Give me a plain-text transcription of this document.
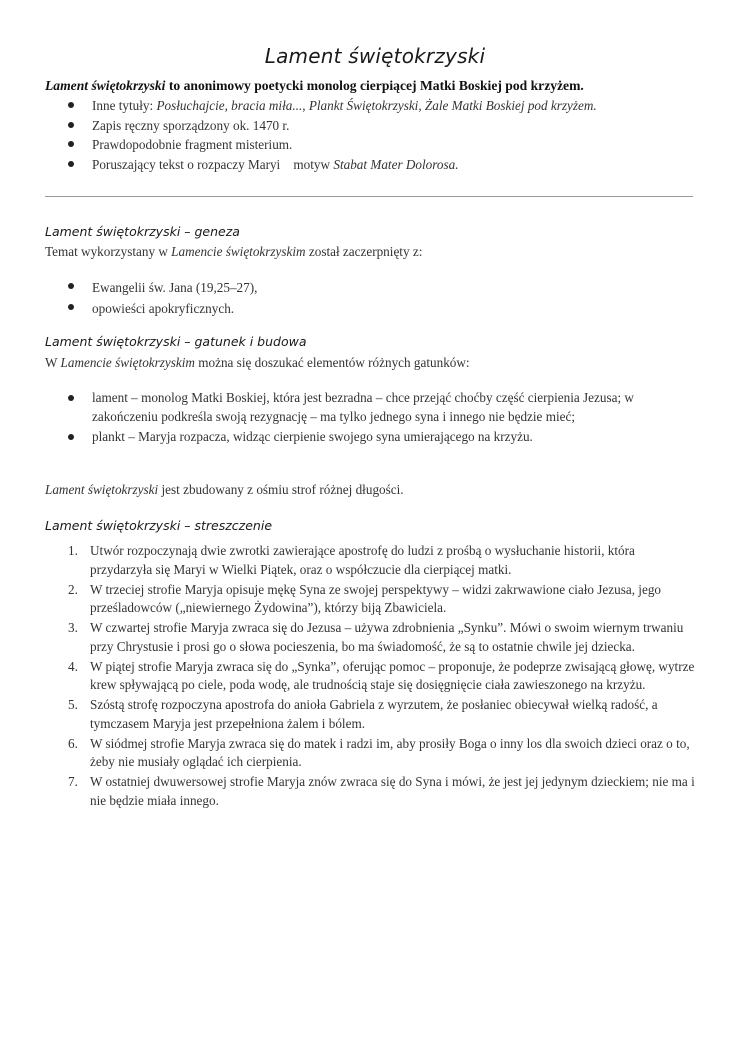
Lament świętokrzyski
Lament świętokrzyski to anonimowy poetycki monolog cierpiącej Matki Boskiej pod krzyżem.
Inne tytuły: Posłuchajcie, bracia miła..., Plankt Świętokrzyski, Żale Matki Boskiej pod krzyżem.
Zapis ręczny sporządzony ok. 1470 r.
Prawdopodobnie fragment misterium.
Poruszający tekst o rozpaczy Maryi    motyw Stabat Mater Dolorosa.
Lament świętokrzyski – geneza
Temat wykorzystany w Lamencie świętokrzyskim został zaczerpnięty z:
Ewangelii św. Jana (19,25–27),
opowieści apokryficznych.
Lament świętokrzyski – gatunek i budowa
W Lamencie świętokrzyskim można się doszukać elementów różnych gatunków:
lament – monolog Matki Boskiej, która jest bezradna – chce przejąć choćby część cierpienia Jezusa; w zakończeniu podkreśla swoją rezygnację – ma tylko jednego syna i innego nie będzie mieć;
plankt – Maryja rozpacza, widząc cierpienie swojego syna umierającego na krzyżu.
Lament świętokrzyski jest zbudowany z ośmiu strof różnej długości.
Lament świętokrzyski – streszczenie
1. Utwór rozpoczynają dwie zwrotki zawierające apostrofę do ludzi z prośbą o wysłuchanie historii, która przydarzyła się Maryi w Wielki Piątek, oraz o współczucie dla cierpiącej matki.
2. W trzeciej strofie Maryja opisuje mękę Syna ze swojej perspektywy – widzi zakrwawione ciało Jezusa, jego prześladowców („niewiernego Żydowina”), którzy biją Zbawiciela.
3. W czwartej strofie Maryja zwraca się do Jezusa – używa zdrobnienia „Synku”. Mówi o swoim wiernym trwaniu przy Chrystusie i prosi go o słowa pocieszenia, bo ma świadomość, że są to ostatnie chwile jej dziecka.
4. W piątej strofie Maryja zwraca się do „Synka”, oferując pomoc – proponuje, że podeprze zwisającą głowę, wytrze krew spływającą po ciele, poda wodę, ale trudnością staje się dosięgnięcie ciała zawieszonego na krzyżu.
5. Szóstą strofę rozpoczyna apostrofa do anioła Gabriela z wyrzutem, że posłaniec obiecywał wielką radość, a tymczasem Maryja jest przepełniona żalem i bólem.
6. W siódmej strofie Maryja zwraca się do matek i radzi im, aby prosiły Boga o inny los dla swoich dzieci oraz o to, żeby nie musiały oglądać ich cierpienia.
7. W ostatniej dwuwersowej strofie Maryja znów zwraca się do Syna i mówi, że jest jej jedynym dzieckiem; nie ma i nie będzie miała innego.
